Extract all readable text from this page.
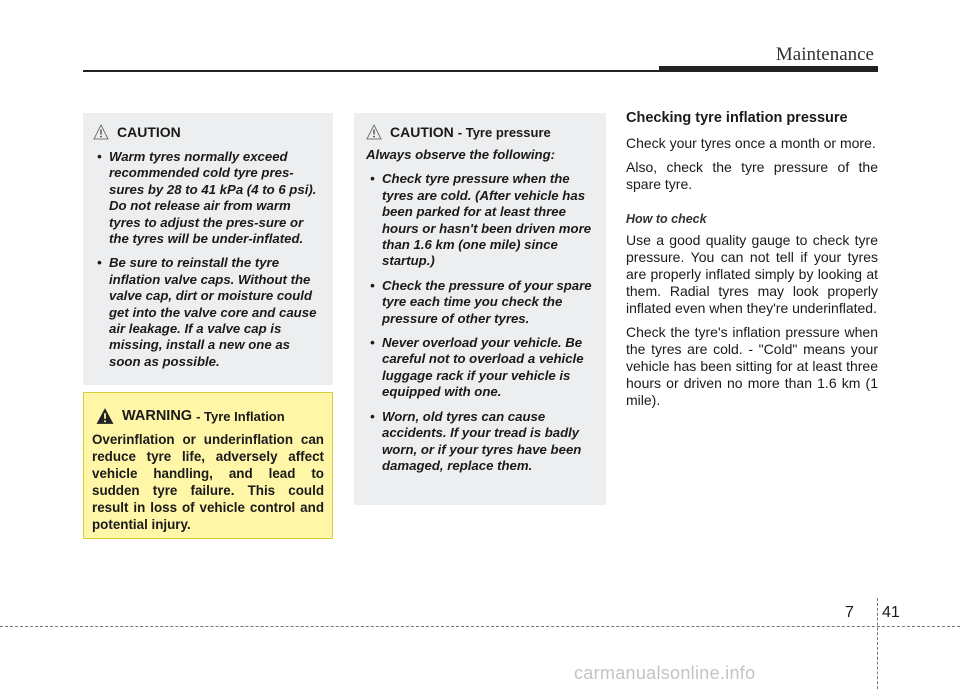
Maintenance
CAUTION
• Warm tyres normally exceed recommended cold tyre pres-sures by 28 to 41 kPa (4 to 6 psi). Do not release air from warm tyres to adjust the pres-sure or the tyres will be under-inflated.
• Be sure to reinstall the tyre inflation valve caps. Without the valve cap, dirt or moisture could get into the valve core and cause air leakage. If a valve cap is missing, install a new one as soon as possible.
WARNING - Tyre Inflation
Overinflation or underinflation can reduce tyre life, adversely affect vehicle handling, and lead to sudden tyre failure. This could result in loss of vehicle control and potential injury.
CAUTION - Tyre pressure
Always observe the following:
• Check tyre pressure when the tyres are cold. (After vehicle has been parked for at least three hours or hasn't been driven more than 1.6 km (one mile) since startup.)
• Check the pressure of your spare tyre each time you check the pressure of other tyres.
• Never overload your vehicle. Be careful not to overload a vehicle luggage rack if your vehicle is equipped with one.
• Worn, old tyres can cause accidents. If your tread is badly worn, or if your tyres have been damaged, replace them.
Checking tyre inflation pressure

Check your tyres once a month or more.

Also, check the tyre pressure of the spare tyre.

How to check

Use a good quality gauge to check tyre pressure. You can not tell if your tyres are properly inflated simply by looking at them. Radial tyres may look properly inflated even when they're underinflated.

Check the tyre's inflation pressure when the tyres are cold. - "Cold" means your vehicle has been sitting for at least three hours or driven no more than 1.6 km (1 mile).

7 41
carmanualsonline.info
